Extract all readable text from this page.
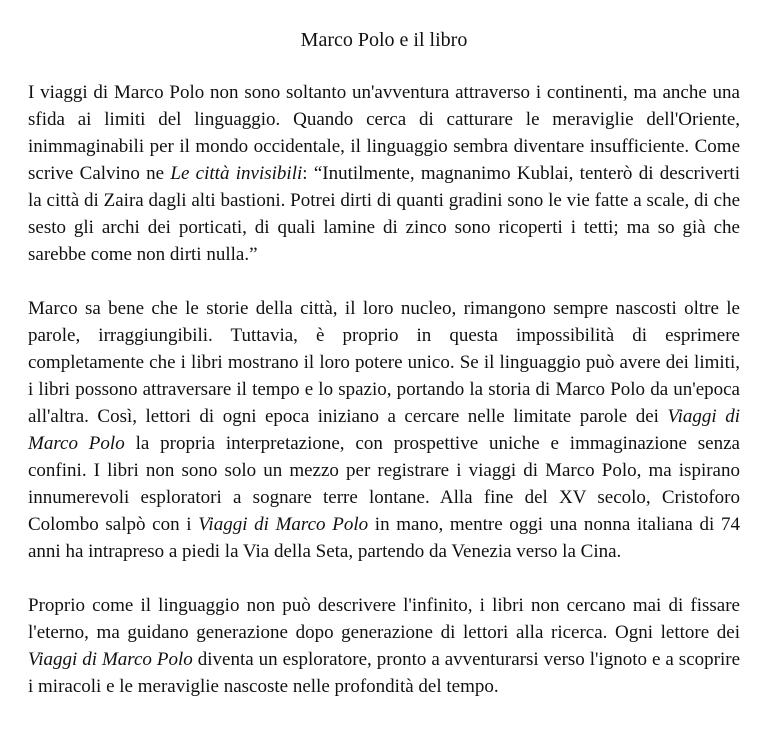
Marco Polo e il libro

I viaggi di Marco Polo non sono soltanto un'avventura attraverso i continenti, ma anche una sfida ai limiti del linguaggio. Quando cerca di catturare le meraviglie dell'Oriente, inimmaginabili per il mondo occidentale, il linguaggio sembra diventare insufficiente. Come scrive Calvino ne Le città invisibili: “Inutilmente, magnanimo Kublai, tenterò di descriverti la città di Zaira dagli alti bastioni. Potrei dirti di quanti gradini sono le vie fatte a scale, di che sesto gli archi dei porticati, di quali lamine di zinco sono ricoperti i tetti; ma so già che sarebbe come non dirti nulla.”

Marco sa bene che le storie della città, il loro nucleo, rimangono sempre nascosti oltre le parole, irraggiungibili. Tuttavia, è proprio in questa impossibilità di esprimere completamente che i libri mostrano il loro potere unico. Se il linguaggio può avere dei limiti, i libri possono attraversare il tempo e lo spazio, portando la storia di Marco Polo da un'epoca all'altra. Così, lettori di ogni epoca iniziano a cercare nelle limitate parole dei Viaggi di Marco Polo la propria interpretazione, con prospettive uniche e immaginazione senza confini. I libri non sono solo un mezzo per registrare i viaggi di Marco Polo, ma ispirano innumerevoli esploratori a sognare terre lontane. Alla fine del XV secolo, Cristoforo Colombo salpò con i Viaggi di Marco Polo in mano, mentre oggi una nonna italiana di 74 anni ha intrapreso a piedi la Via della Seta, partendo da Venezia verso la Cina.

Proprio come il linguaggio non può descrivere l'infinito, i libri non cercano mai di fissare l'eterno, ma guidano generazione dopo generazione di lettori alla ricerca. Ogni lettore dei Viaggi di Marco Polo diventa un esploratore, pronto a avventurarsi verso l'ignoto e a scoprire i miracoli e le meraviglie nascoste nelle profondità del tempo.
